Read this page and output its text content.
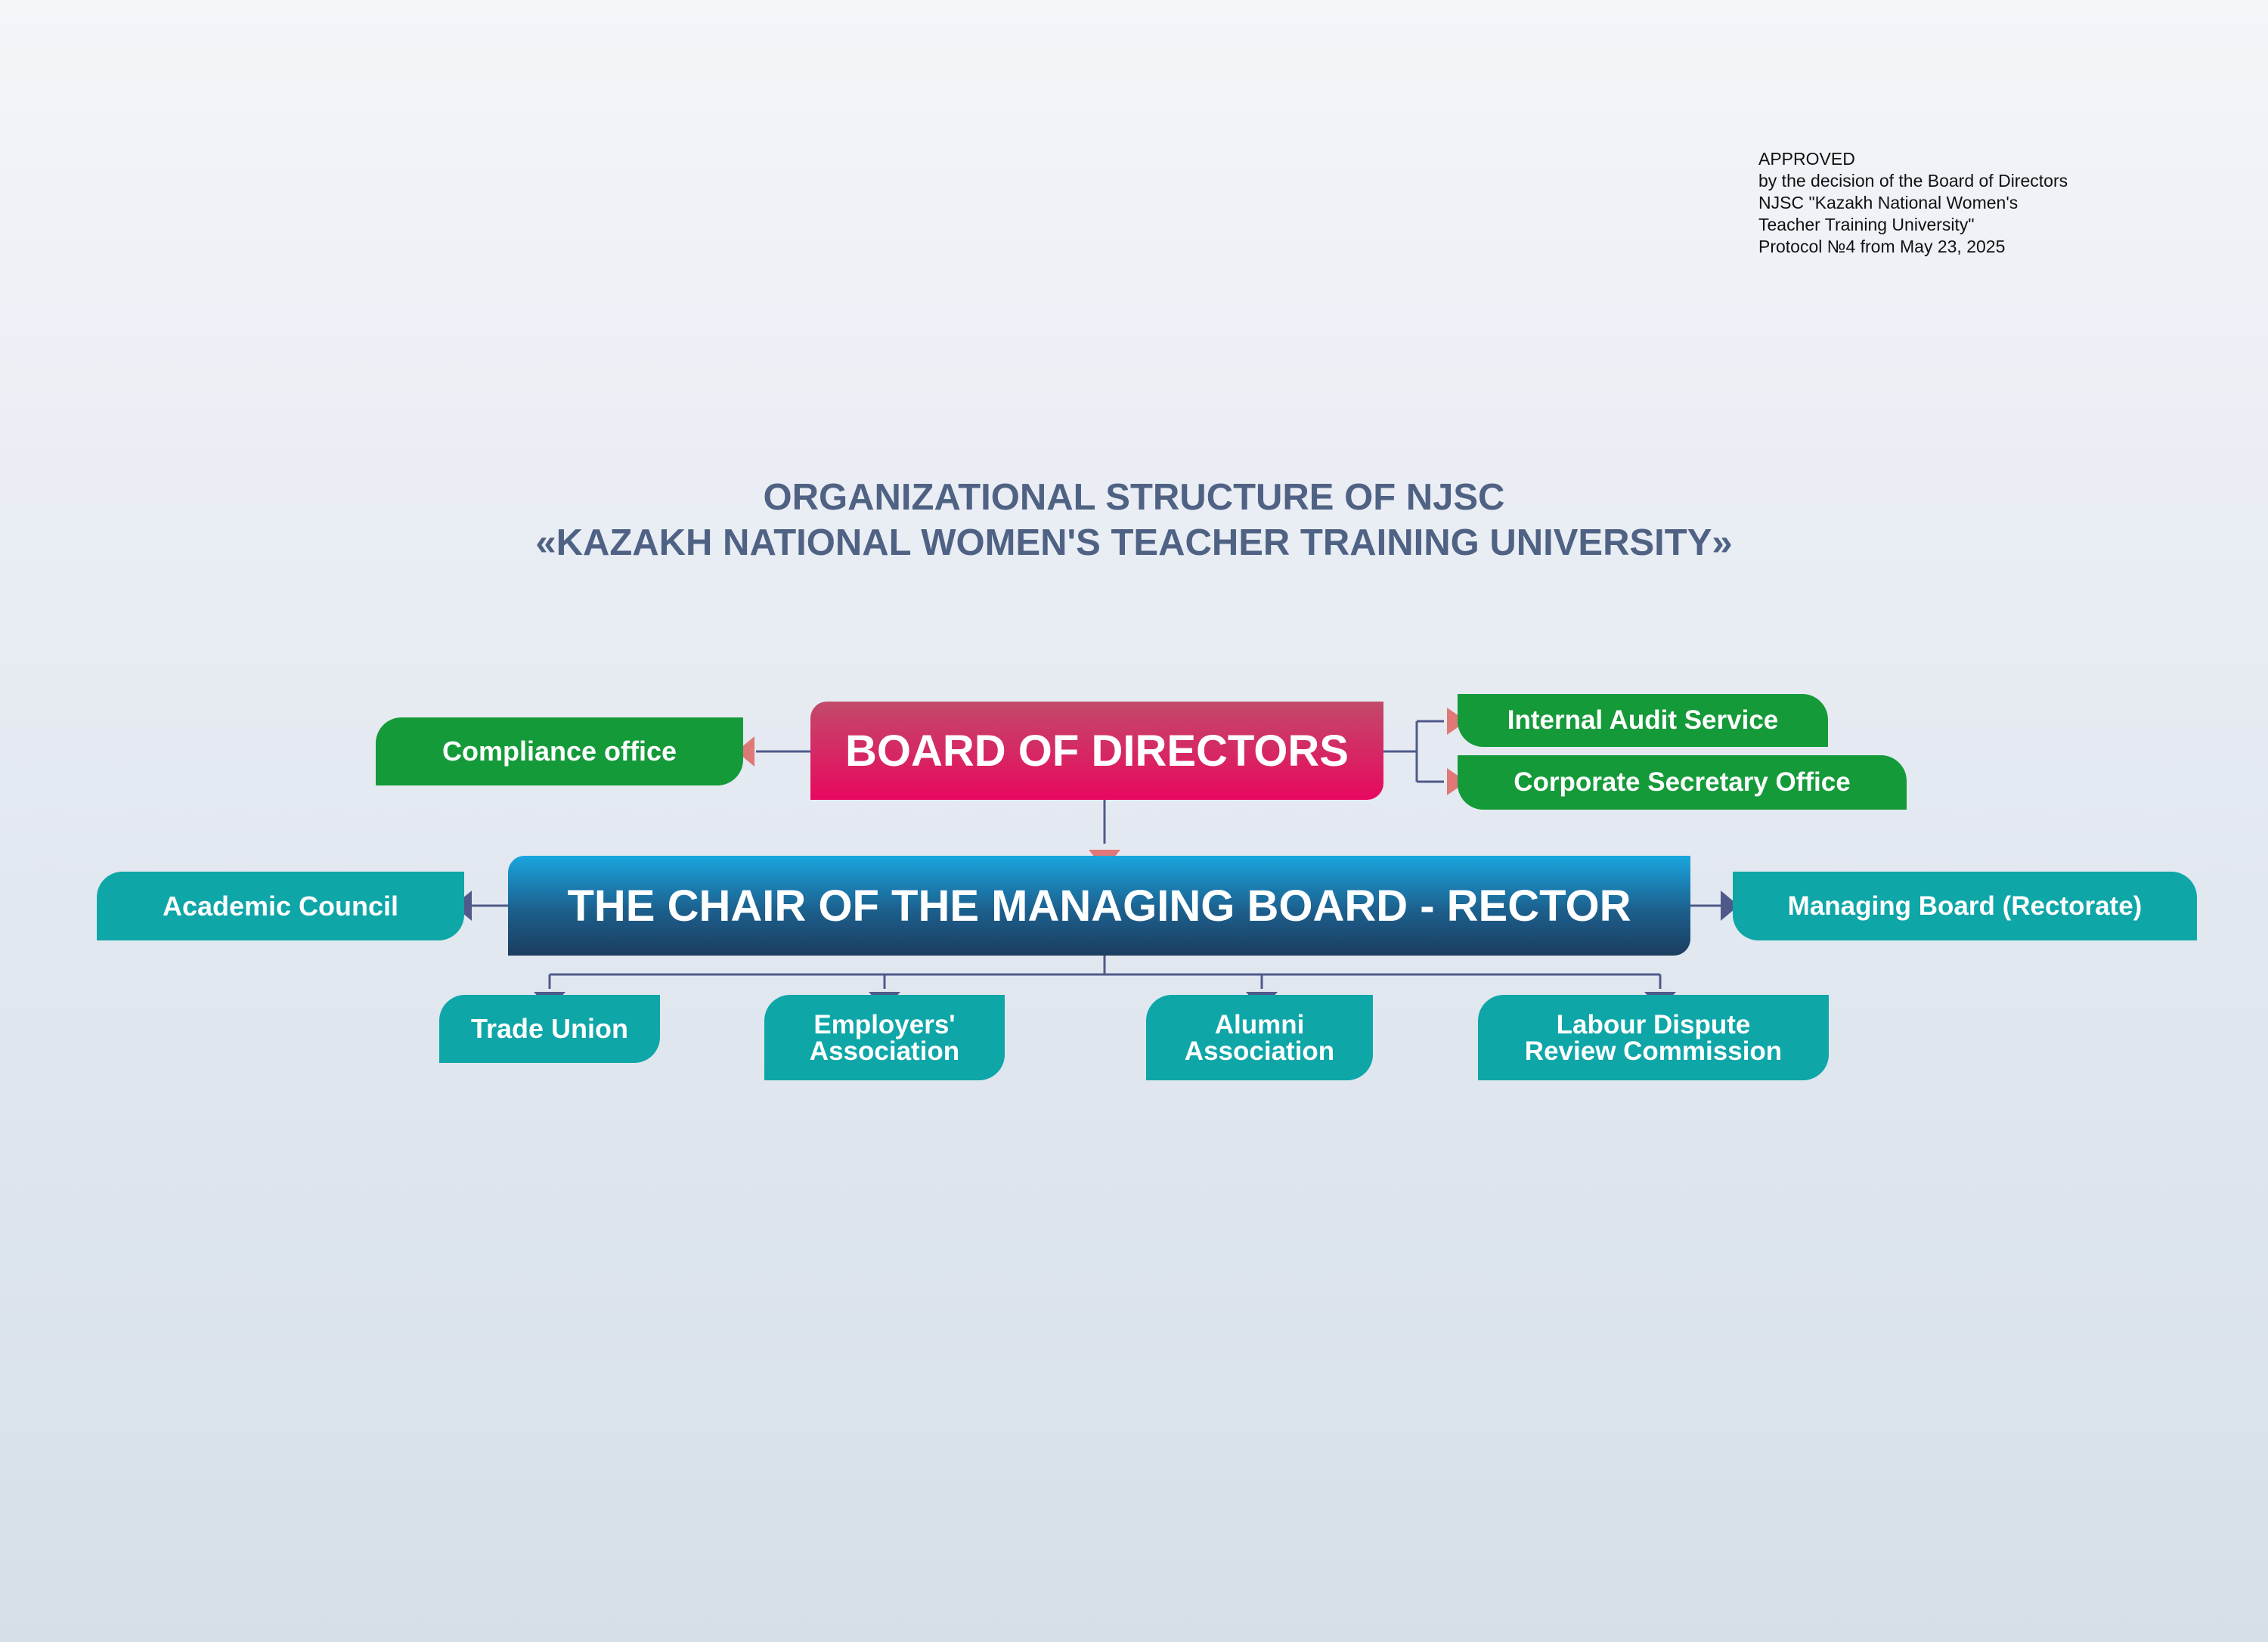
APPROVED
by the decision of the Board of Directors
NJSC "Kazakh National Women's
Teacher Training University"
Protocol №4 from May 23, 2025
ORGANIZATIONAL STRUCTURE OF NJSC
«KAZAKH NATIONAL WOMEN'S TEACHER TRAINING UNIVERSITY»
Compliance office	BOARD OF DIRECTORS
Internal Audit Service
Corporate Secretary Office
Academic Council	THE CHAIR OF THE MANAGING BOARD - RECTOR	Managing Board (Rectorate)
Trade Union	Employers'
Association
Alumni
Association
Labour Dispute
Review Commission
